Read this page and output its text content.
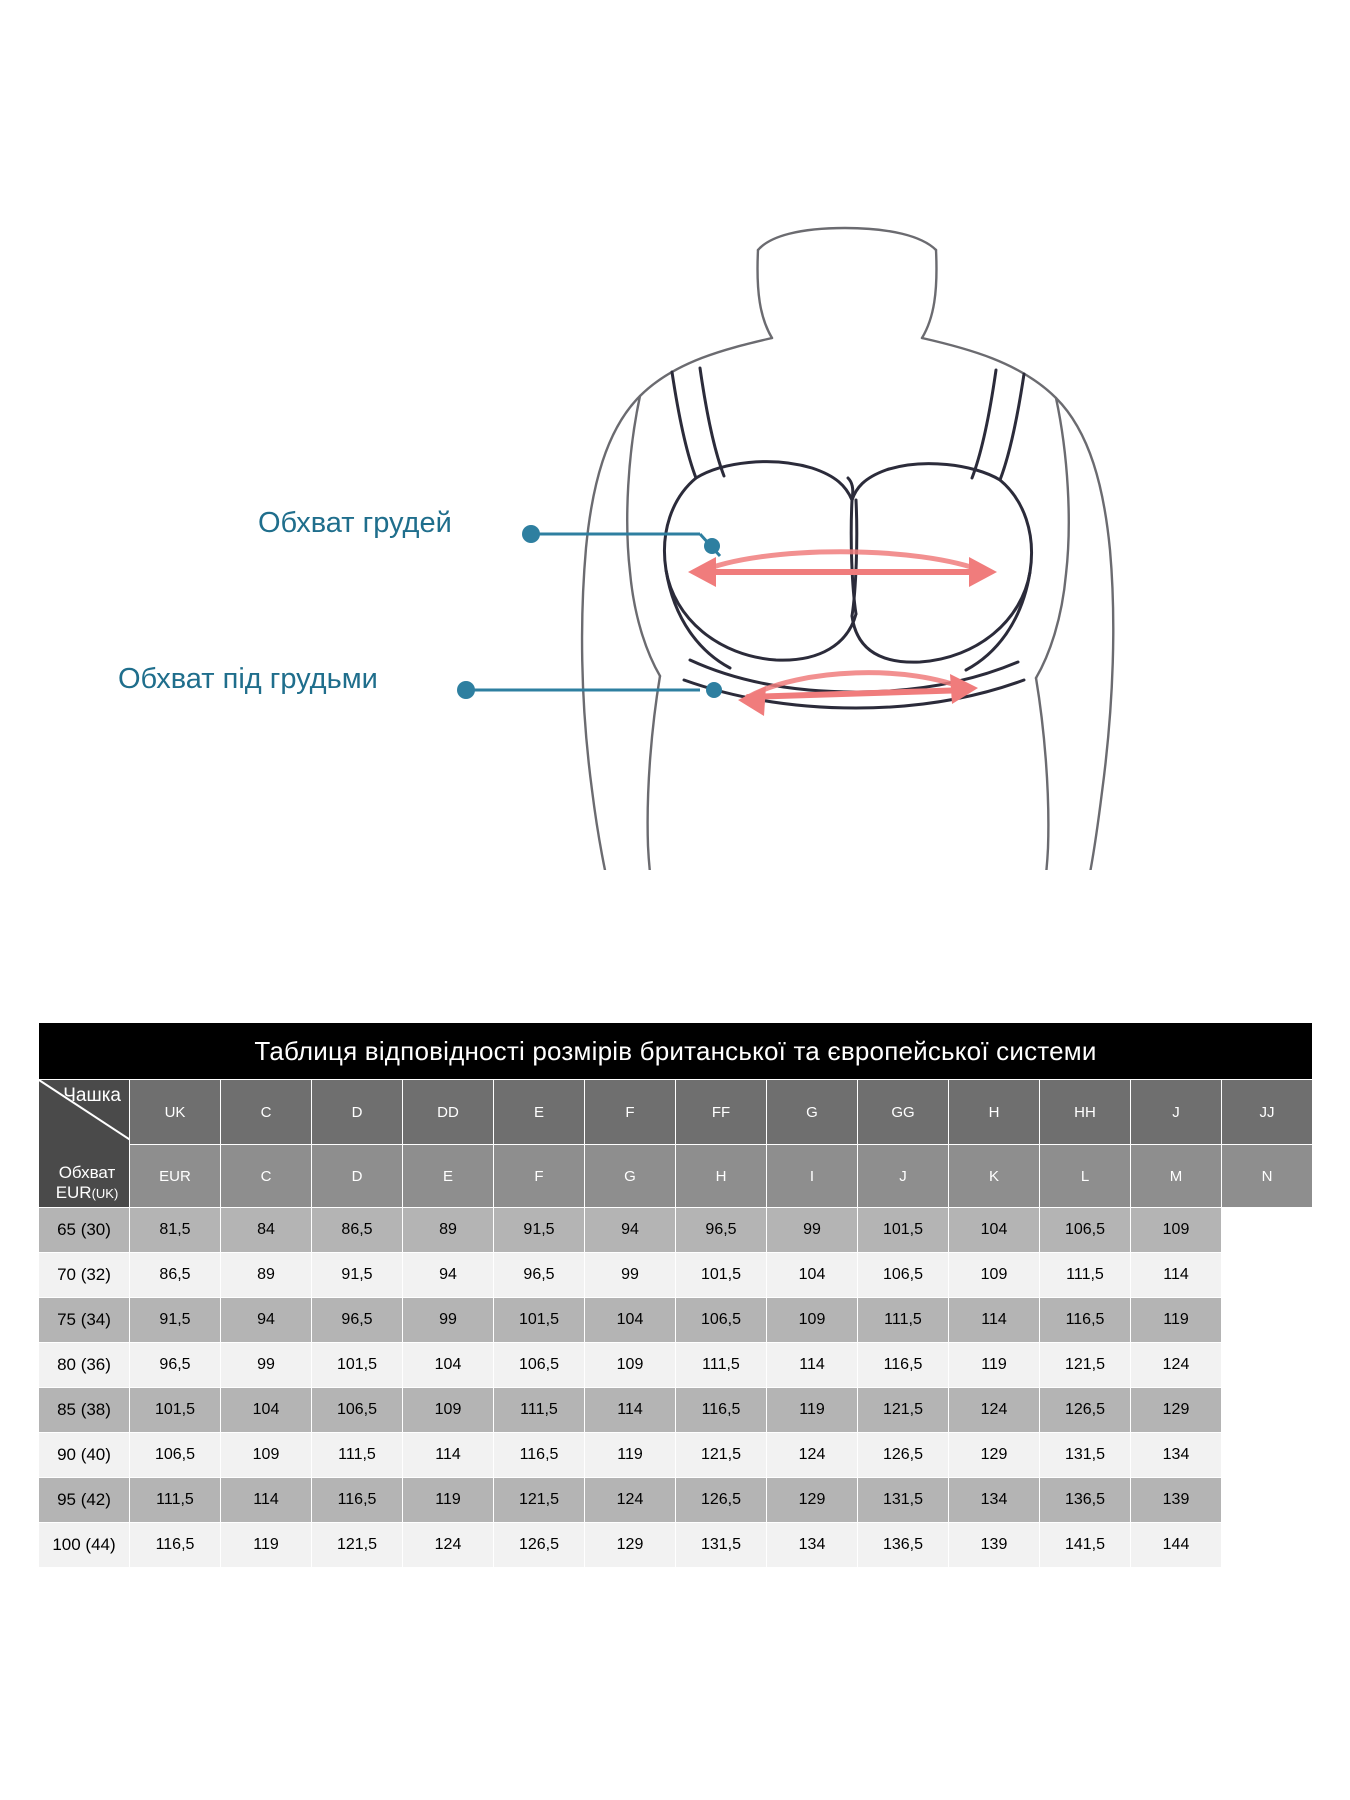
Обхват грудей
Обхват під грудьми
Таблиця відповідності розмірів британської та європейської системи													

Чашка
Обхват EUR(UK)	UK	C	D	DD	E	F	FF	G	GG	H	HH	J	JJ
	EUR	C	D	E	F	G	H	I	J	K	L	M	N
65 (30)	81,5	84	86,5	89	91,5	94	96,5	99	101,5	104	106,5	109	
70 (32)	86,5	89	91,5	94	96,5	99	101,5	104	106,5	109	111,5	114	
75 (34)	91,5	94	96,5	99	101,5	104	106,5	109	111,5	114	116,5	119	
80 (36)	96,5	99	101,5	104	106,5	109	111,5	114	116,5	119	121,5	124	
85 (38)	101,5	104	106,5	109	111,5	114	116,5	119	121,5	124	126,5	129	
90 (40)	106,5	109	111,5	114	116,5	119	121,5	124	126,5	129	131,5	134	
95 (42)	111,5	114	116,5	119	121,5	124	126,5	129	131,5	134	136,5	139	
100 (44)	116,5	119	121,5	124	126,5	129	131,5	134	136,5	139	141,5	144	
